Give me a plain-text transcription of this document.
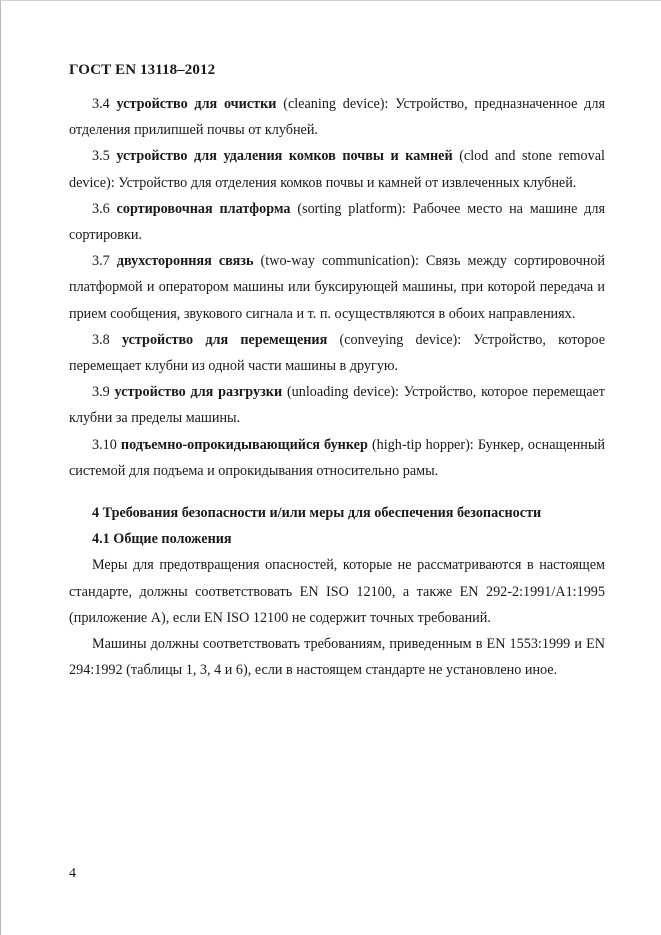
ГОСТ EN 13118–2012

3.4 устройство для очистки (cleaning device): Устройство, предназначенное для отделения прилипшей почвы от клубней.

3.5 устройство для удаления комков почвы и камней (clod and stone removal device): Устройство для отделения комков почвы и камней от извлеченных клубней.

3.6 сортировочная платформа (sorting platform): Рабочее место на машине для сортировки.

3.7 двухсторонняя связь (two-way communication): Связь между сортировочной платформой и оператором машины или буксирующей машины, при которой передача и прием сообщения, звукового сигнала и т. п. осуществляются в обоих направлениях.

3.8 устройство для перемещения (conveying device): Устройство, которое перемещает клубни из одной части машины в другую.

3.9 устройство для разгрузки (unloading device): Устройство, которое перемещает клубни за пределы машины.

3.10 подъемно-опрокидывающийся бункер (high-tip hopper): Бункер, оснащенный системой для подъема и опрокидывания относительно рамы.

4 Требования безопасности и/или меры для обеспечения безопасности

4.1 Общие положения

Меры для предотвращения опасностей, которые не рассматриваются в настоящем стандарте, должны соответствовать EN ISO 12100, а также EN 292-2:1991/A1:1995 (приложение А), если EN ISO 12100 не содержит точных требований.

Машины должны соответствовать требованиям, приведенным в EN 1553:1999 и EN 294:1992 (таблицы 1, 3, 4 и 6), если в настоящем стандарте не установлено иное.

4
